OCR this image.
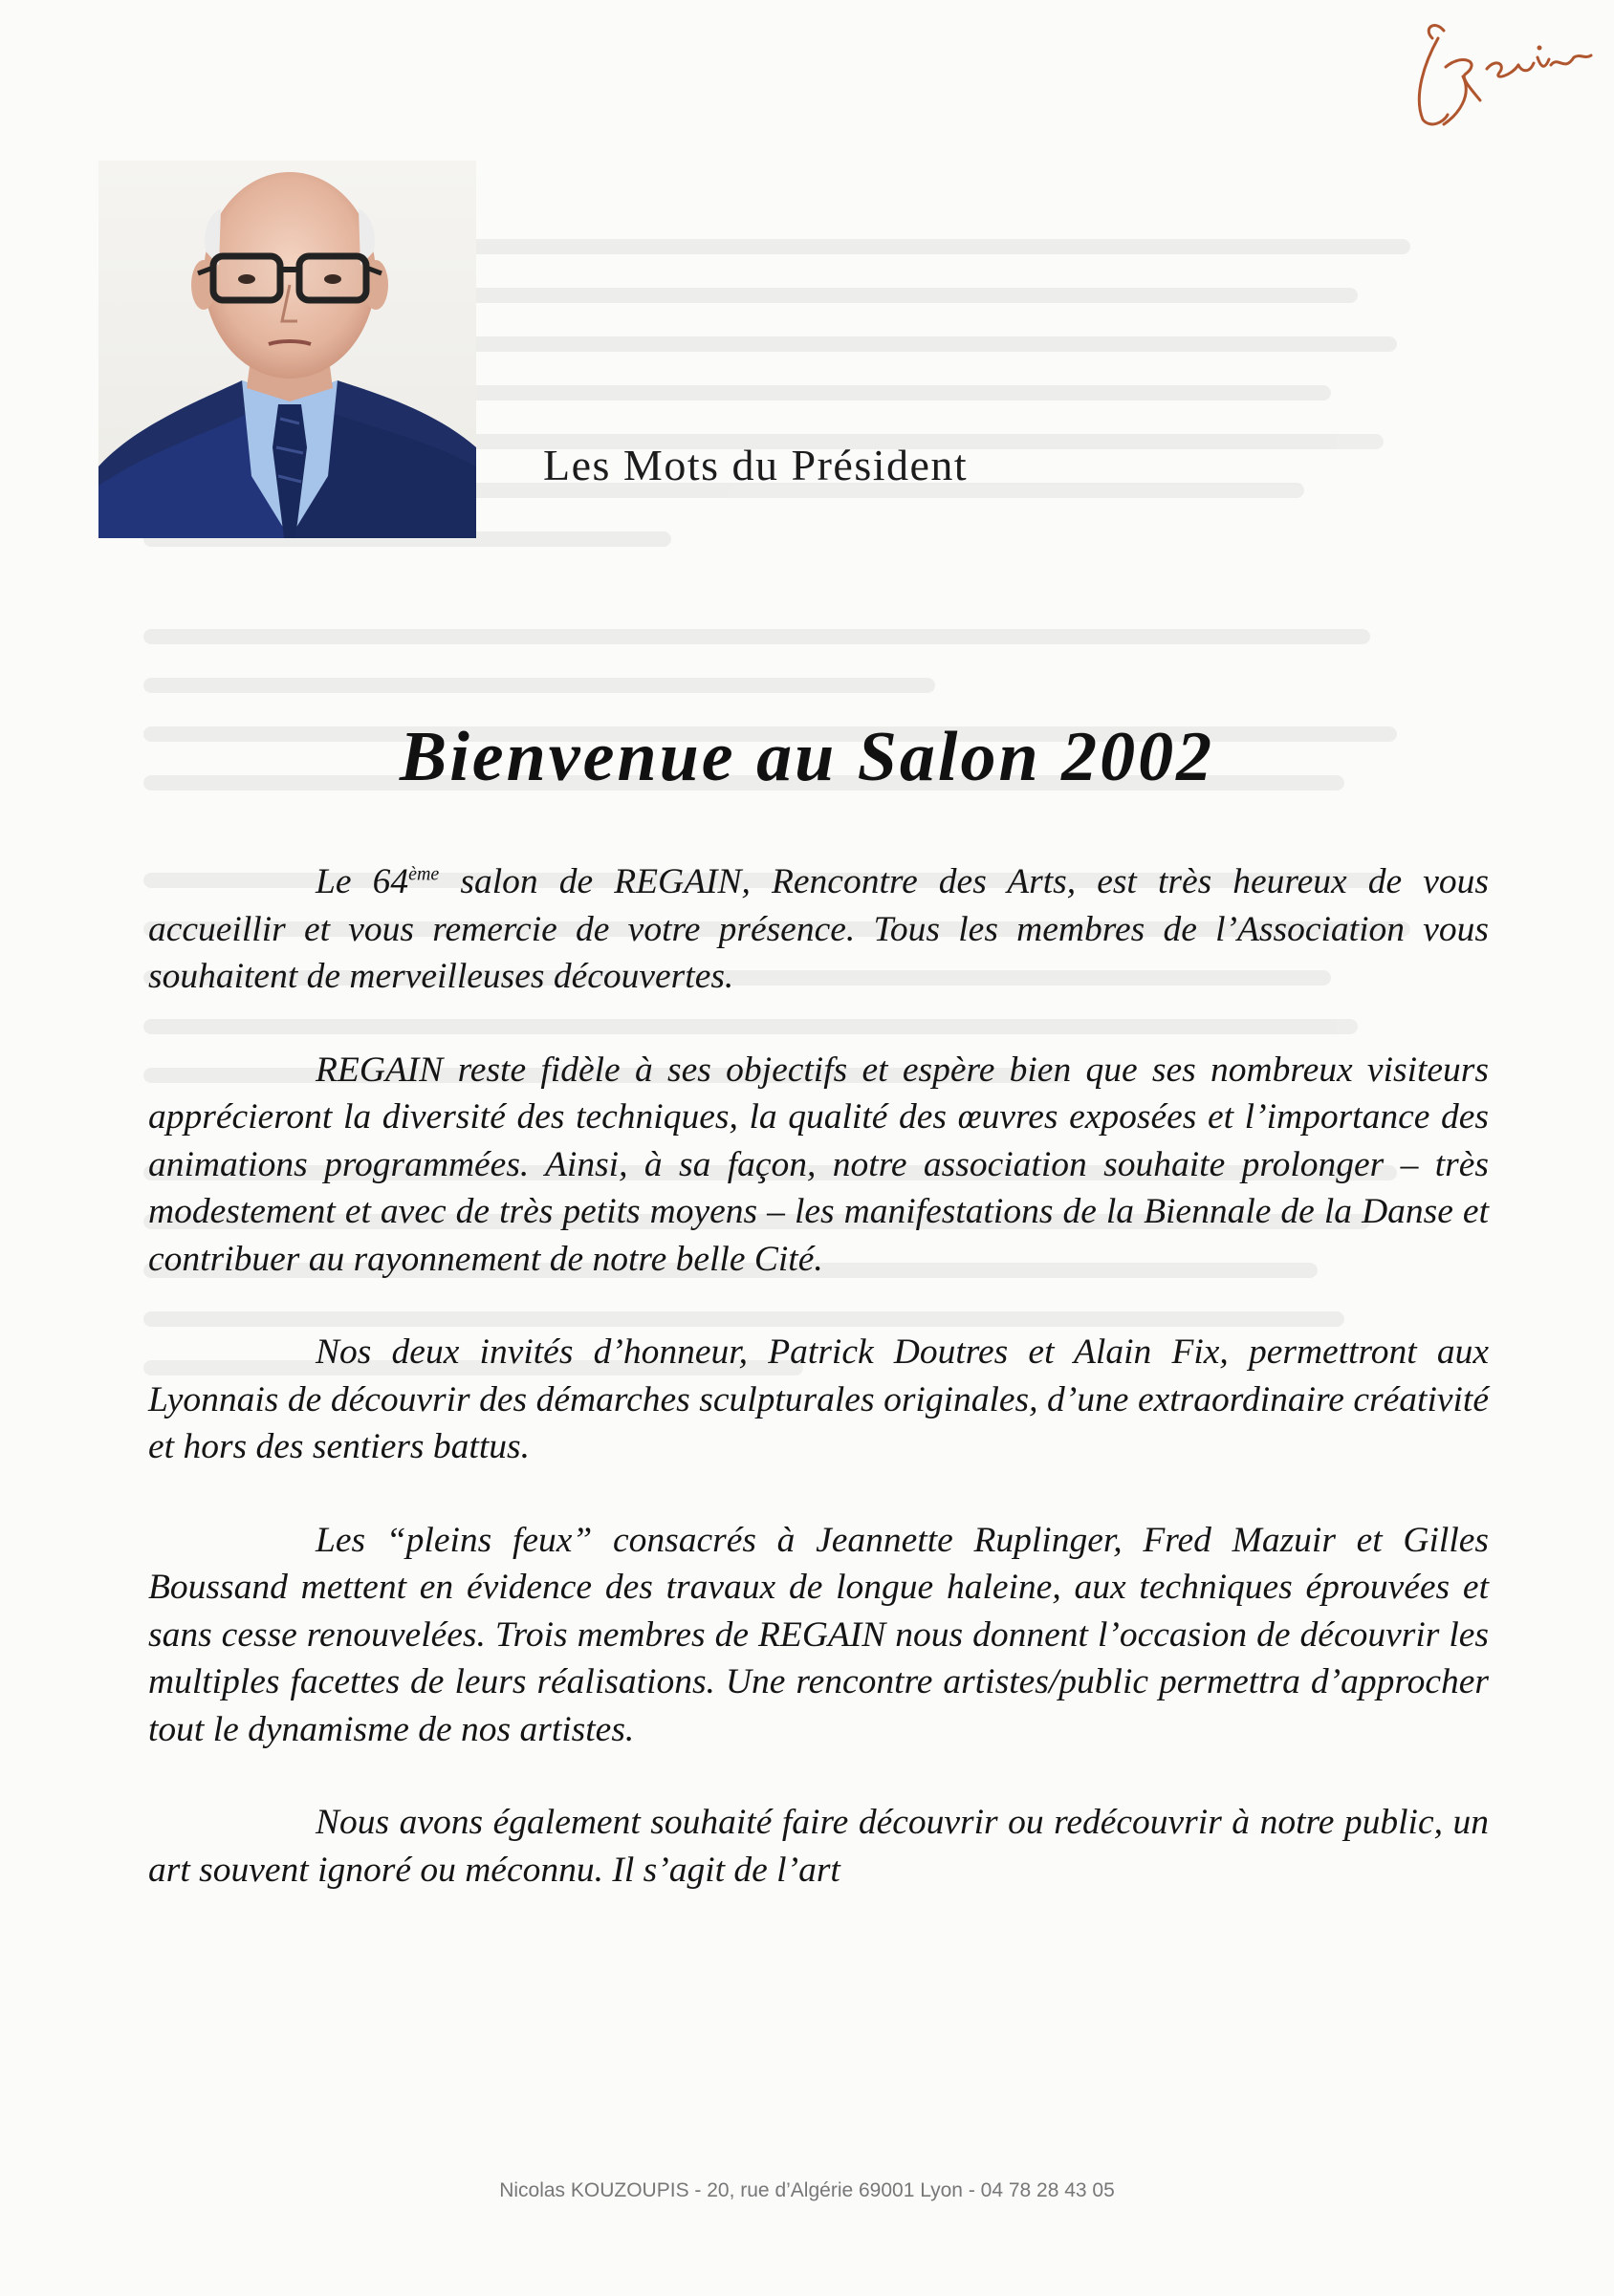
Les Mots du Président
Bienvenue au Salon 2002

Le 64ème salon de REGAIN, Rencontre des Arts, est très heureux de vous accueillir et vous remercie de votre présence. Tous les membres de l’Association vous souhaitent de merveilleuses découvertes.

REGAIN reste fidèle à ses objectifs et espère bien que ses nombreux visiteurs apprécieront la diversité des techniques, la qualité des œuvres exposées et l’importance des animations programmées. Ainsi, à sa façon, notre association souhaite prolonger – très modestement et avec de très petits moyens – les manifestations de la Biennale de la Danse et contribuer au rayonnement de notre belle Cité.

Nos deux invités d’honneur, Patrick Doutres et Alain Fix, permettront aux Lyonnais de découvrir des démarches sculpturales originales, d’une extraordinaire créativité et hors des sentiers battus.

Les “pleins feux” consacrés à Jeannette Ruplinger, Fred Mazuir et Gilles Boussand mettent en évidence des travaux de longue haleine, aux techniques éprouvées et sans cesse renouvelées. Trois membres de REGAIN nous donnent l’occasion de découvrir les multiples facettes de leurs réalisations. Une rencontre artistes/public permettra d’approcher tout le dynamisme de nos artistes.

Nous avons également souhaité faire découvrir ou redécouvrir à notre public, un art souvent ignoré ou méconnu. Il s’agit de l’art

Nicolas KOUZOUPIS - 20, rue d’Algérie 69001 Lyon - 04 78 28 43 05
